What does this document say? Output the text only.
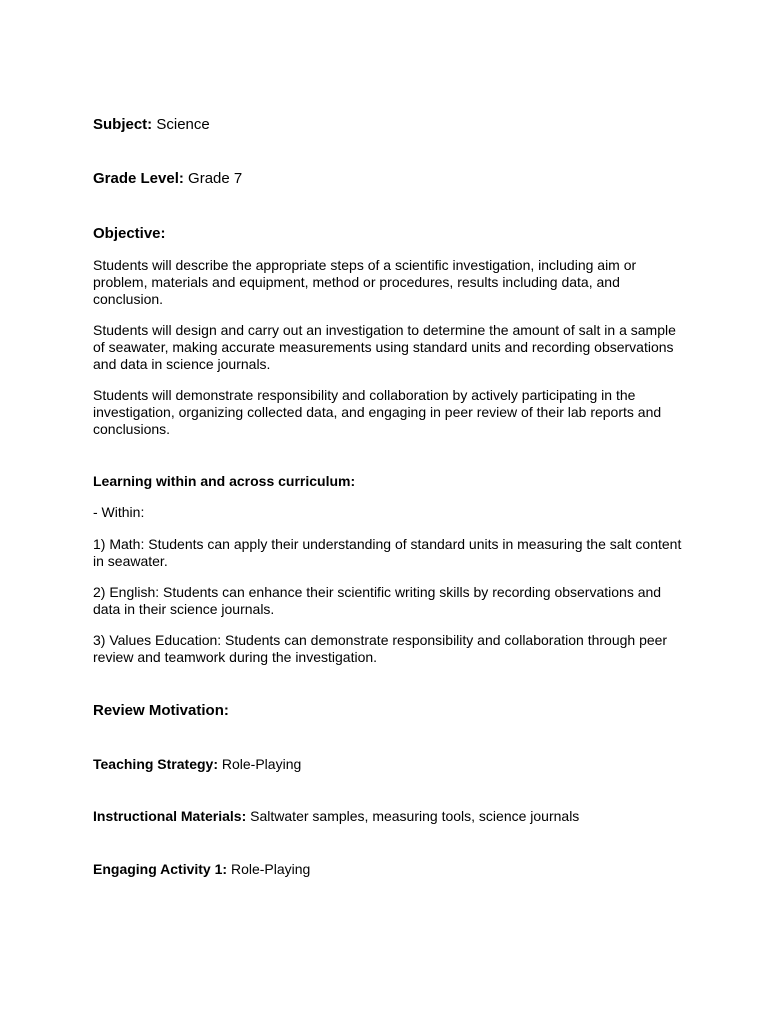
Subject: Science
Grade Level: Grade 7
Objective:

Students will describe the appropriate steps of a scientific investigation, including aim or problem, materials and equipment, method or procedures, results including data, and conclusion.

Students will design and carry out an investigation to determine the amount of salt in a sample of seawater, making accurate measurements using standard units and recording observations and data in science journals.

Students will demonstrate responsibility and collaboration by actively participating in the investigation, organizing collected data, and engaging in peer review of their lab reports and conclusions.

Learning within and across curriculum:
- Within:

1) Math: Students can apply their understanding of standard units in measuring the salt content in seawater.

2) English: Students can enhance their scientific writing skills by recording observations and data in their science journals.

3) Values Education: Students can demonstrate responsibility and collaboration through peer review and teamwork during the investigation.

Review Motivation:
Teaching Strategy: Role-Playing
Instructional Materials: Saltwater samples, measuring tools, science journals
Engaging Activity 1: Role-Playing
